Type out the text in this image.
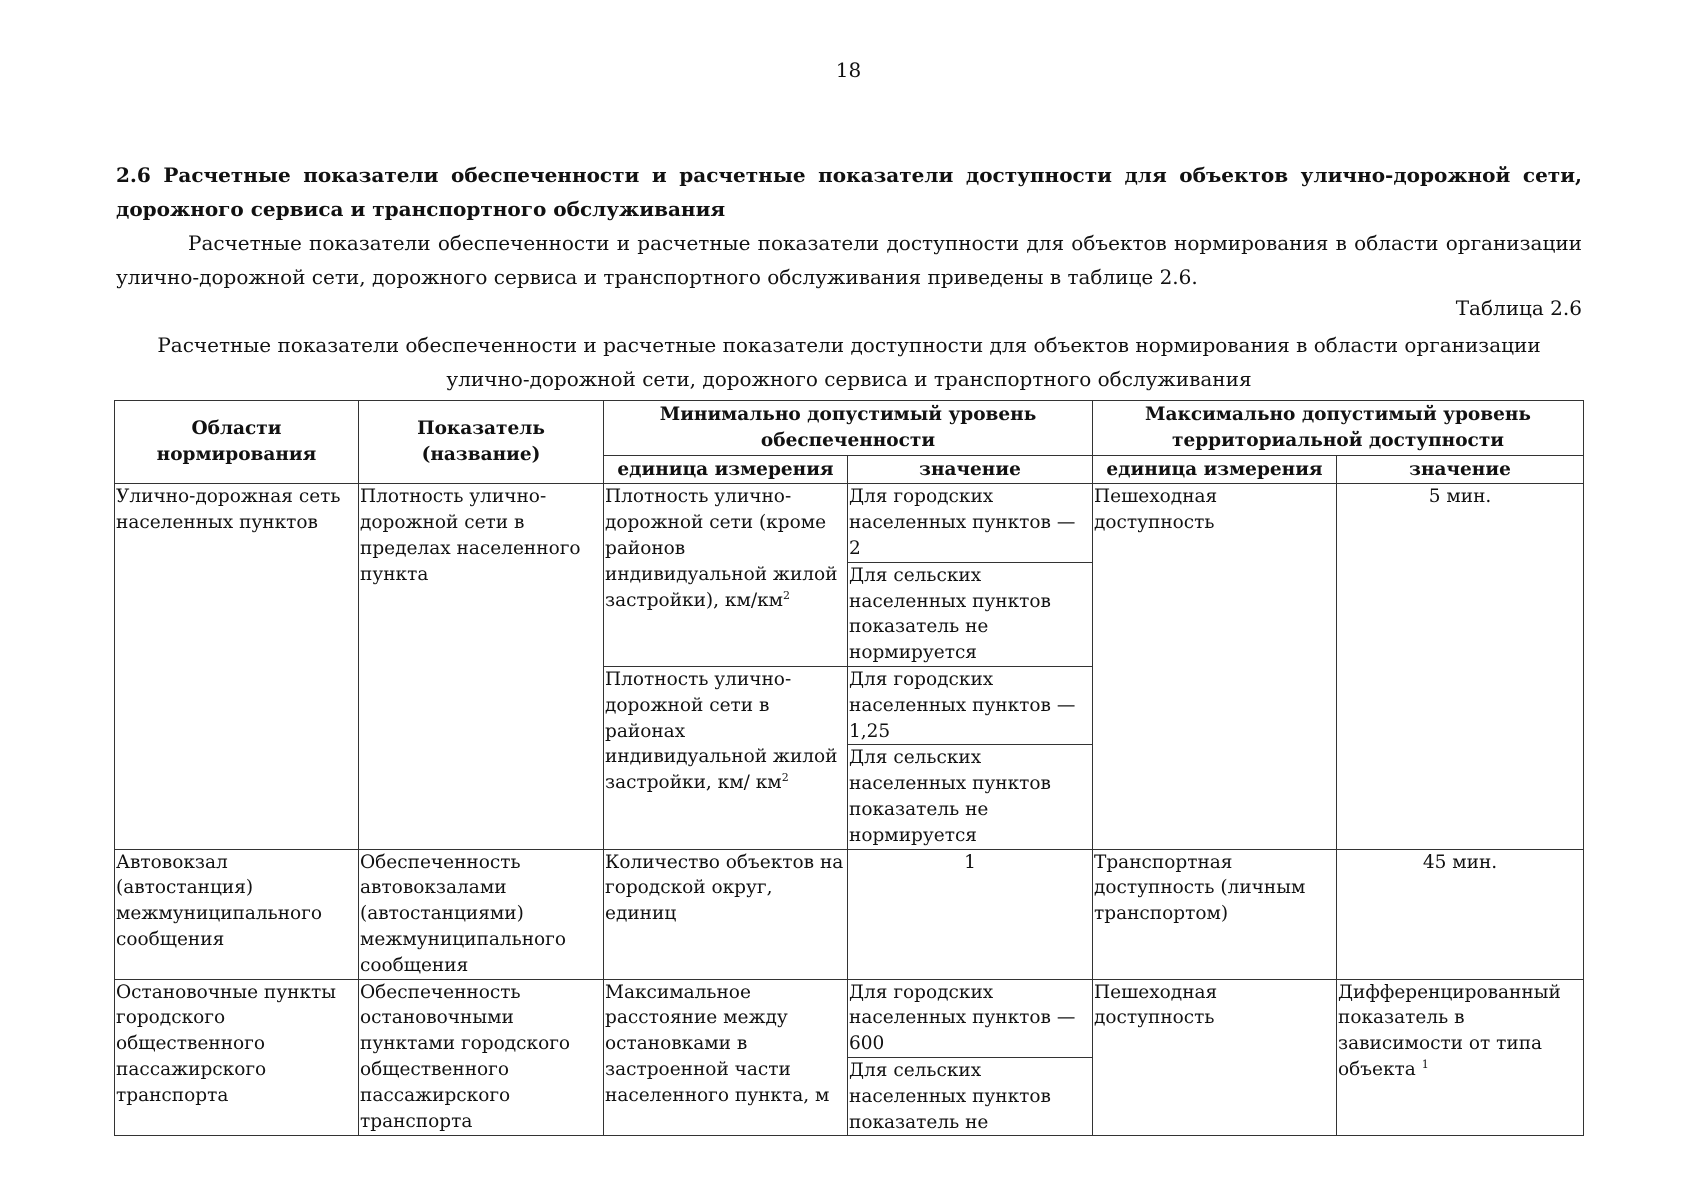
18

2.6 Расчетные показатели обеспеченности и расчетные показатели доступности для объектов улично-дорожной сети, дорожного сервиса и транспортного обслуживания

Расчетные показатели обеспеченности и расчетные показатели доступности для объектов нормирования в области организации улично-дорожной сети, дорожного сервиса и транспортного обслуживания приведены в таблице 2.6.

Таблица 2.6

Расчетные показатели обеспеченности и расчетные показатели доступности для объектов нормирования в области организации улично-дорожной сети, дорожного сервиса и транспортного обслуживания

Области нормирования	Показатель (название)	Минимально допустимый уровень обеспеченности		Максимально допустимый уровень территориальной доступности	
		единица измерения	значение	единица измерения	значение
Улично-дорожная сеть населенных пунктов	Плотность улично-дорожной сети в пределах населенного пункта	Плотность улично-дорожной сети (кроме районов индивидуальной жилой застройки), $км/км^2$	Для городских населенных пунктов — 2	Пешеходная доступность	5 мин.
			Для сельских населенных пунктов показатель не нормируется		
		Плотность улично-дорожной сети в районах индивидуальной жилой застройки, км/ $км^2$	Для городских населенных пунктов — 1,25		
			Для сельских населенных пунктов показатель не нормируется		
Автовокзал (автостанция) межмуниципального сообщения	Обеспеченность автовокзалами (автостанциями) межмуниципального сообщения	Количество объектов на городской округ, единиц	1	Транспортная доступность (личным транспортом)	45 мин.
Остановочные пункты городского общественного пассажирского транспорта	Обеспеченность остановочными пунктами городского общественного пассажирского транспорта	Максимальное расстояние между остановками в застроенной части населенного пункта, м	Для городских населенных пунктов — 600	Пешеходная доступность	Дифференцированный показатель в зависимости от типа объекта $^1$
			Для сельских населенных пунктов показатель не		
